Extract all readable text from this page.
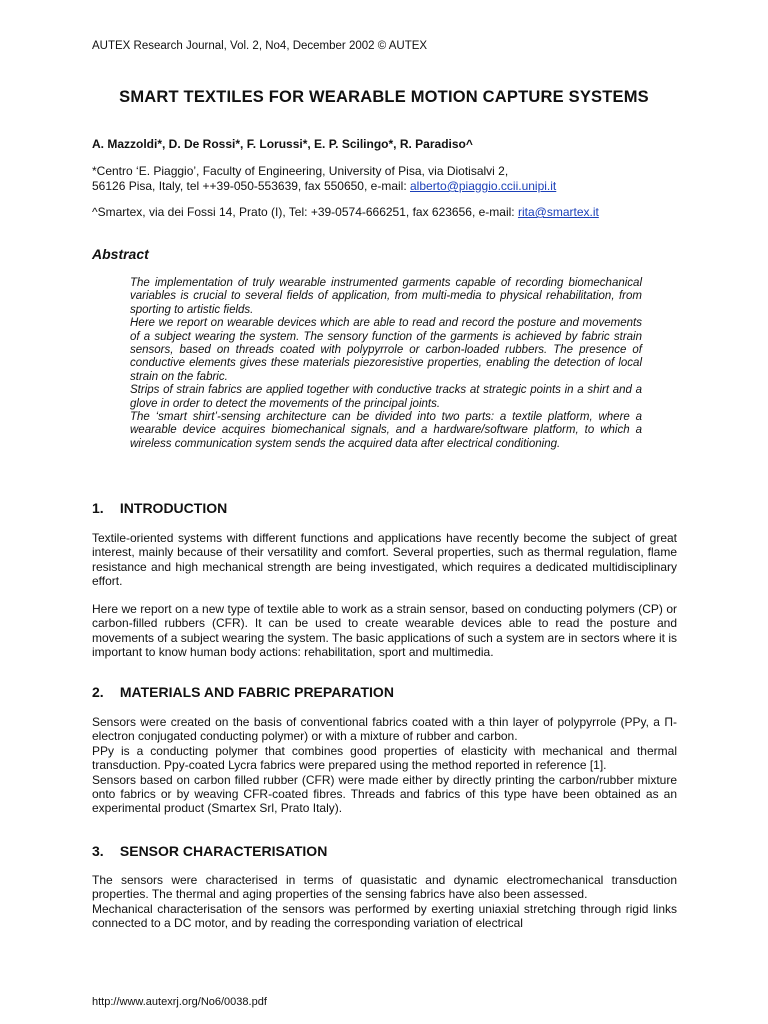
AUTEX Research Journal, Vol. 2, No4, December 2002 © AUTEX
SMART TEXTILES FOR WEARABLE MOTION CAPTURE SYSTEMS
A. Mazzoldi*, D. De Rossi*, F. Lorussi*, E. P. Scilingo*, R. Paradiso^
*Centro ‘E. Piaggio’, Faculty of Engineering, University of Pisa, via Diotisalvi 2,
56126 Pisa, Italy, tel ++39-050-553639, fax 550650, e-mail: alberto@piaggio.ccii.unipi.it
^Smartex, via dei Fossi 14, Prato (I), Tel: +39-0574-666251, fax 623656, e-mail: rita@smartex.it
Abstract

The implementation of truly wearable instrumented garments capable of recording biomechanical variables is crucial to several fields of application, from multi-media to physical rehabilitation, from sporting to artistic fields.

Here we report on wearable devices which are able to read and record the posture and movements of a subject wearing the system. The sensory function of the garments is achieved by fabric strain sensors, based on threads coated with polypyrrole or carbon-loaded rubbers. The presence of conductive elements gives these materials piezoresistive properties, enabling the detection of local strain on the fabric.

Strips of strain fabrics are applied together with conductive tracks at strategic points in a shirt and a glove in order to detect the movements of the principal joints.

The ‘smart shirt’-sensing architecture can be divided into two parts: a textile platform, where a wearable device acquires biomechanical signals, and a hardware/software platform, to which a wireless communication system sends the acquired data after electrical conditioning.

1. INTRODUCTION

Textile-oriented systems with different functions and applications have recently become the subject of great interest, mainly because of their versatility and comfort. Several properties, such as thermal regulation, flame resistance and high mechanical strength are being investigated, which requires a dedicated multidisciplinary effort.

Here we report on a new type of textile able to work as a strain sensor, based on conducting polymers (CP) or carbon-filled rubbers (CFR). It can be used to create wearable devices able to read the posture and movements of a subject wearing the system. The basic applications of such a system are in sectors where it is important to know human body actions: rehabilitation, sport and multimedia.

2. MATERIALS AND FABRIC PREPARATION

Sensors were created on the basis of conventional fabrics coated with a thin layer of polypyrrole (PPy, a Π-electron conjugated conducting polymer) or with a mixture of rubber and carbon.

PPy is a conducting polymer that combines good properties of elasticity with mechanical and thermal transduction. Ppy-coated Lycra fabrics were prepared using the method reported in reference [1].

Sensors based on carbon filled rubber (CFR) were made either by directly printing the carbon/rubber mixture onto fabrics or by weaving CFR-coated fibres. Threads and fabrics of this type have been obtained as an experimental product (Smartex Srl, Prato Italy).

3. SENSOR CHARACTERISATION

The sensors were characterised in terms of quasistatic and dynamic electromechanical transduction properties. The thermal and aging properties of the sensing fabrics have also been assessed.

Mechanical characterisation of the sensors was performed by exerting uniaxial stretching through rigid links connected to a DC motor, and by reading the corresponding variation of electrical

http://www.autexrj.org/No6/0038.pdf
